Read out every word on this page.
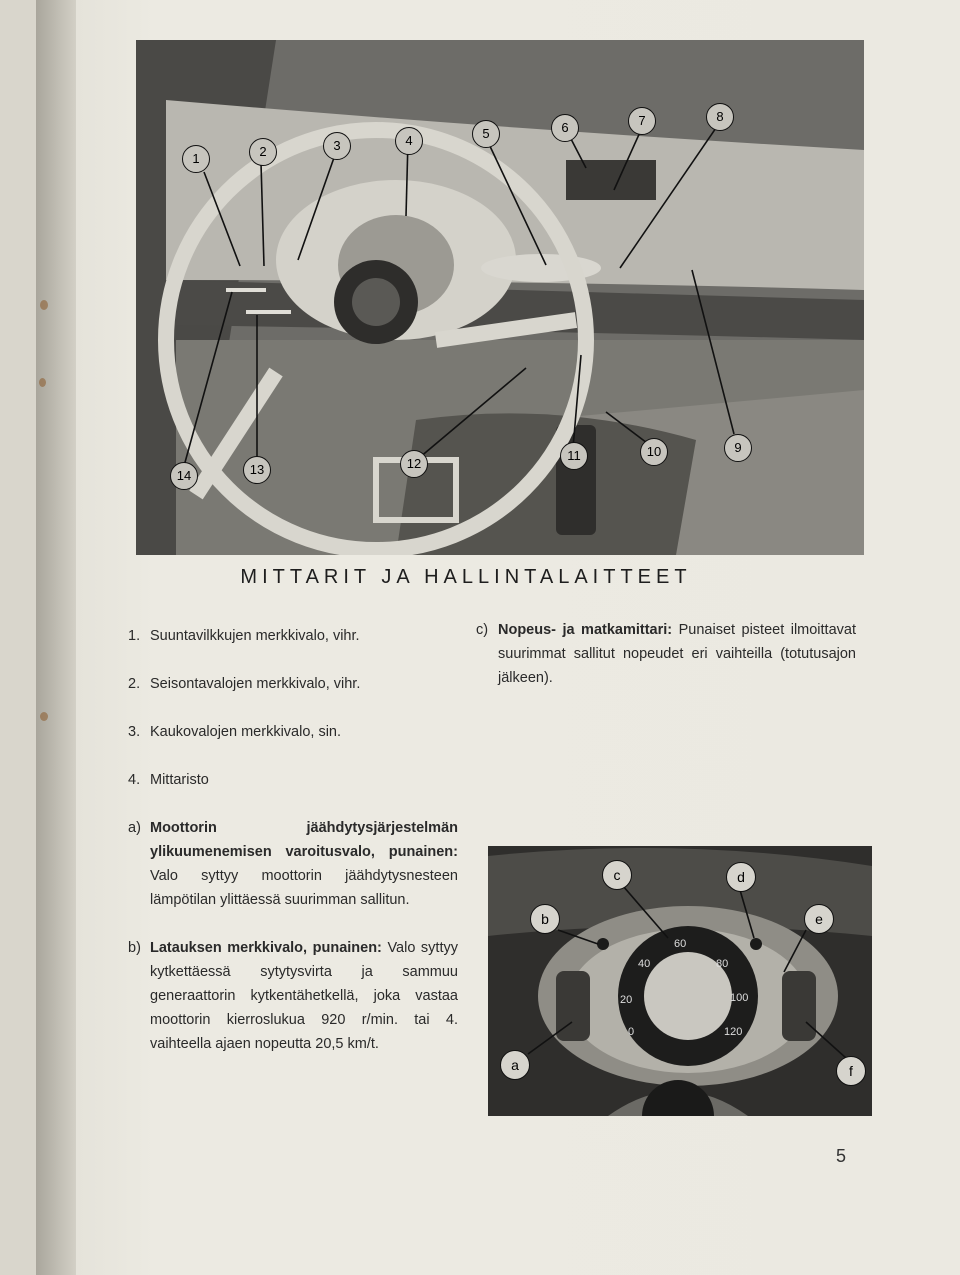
1	2	3	4	5	6	7	8
9
10
11
12
13
14
MITTARIT JA HALLINTALAITTEET
1. Suuntavilkkujen merkkivalo, vihr.
2. Seisontavalojen merkkivalo, vihr.
3. Kaukovalojen merkkivalo, sin.
4. Mittaristo
a) Moottorin jäähdytysjärjestelmän ylikuumenemisen varoitusvalo, punainen: Valo syttyy moottorin jäähdytysnesteen lämpötilan ylittäessä suurimman sallitun.
b) Latauksen merkkivalo, punainen: Valo syttyy kytkettäessä sytytysvirta ja sammuu generaattorin kytkentähetkellä, joka vastaa moottorin kierroslukua 920 r/min. tai 4. vaihteella ajaen nopeutta 20,5 km/t.
c) Nopeus- ja matkamittari: Punaiset pisteet ilmoittavat suurimmat sallitut nopeudet eri vaihteilla (totutusajon jälkeen).
0
20
40
60
80
100
120
a
b
c	d
e
f
5
